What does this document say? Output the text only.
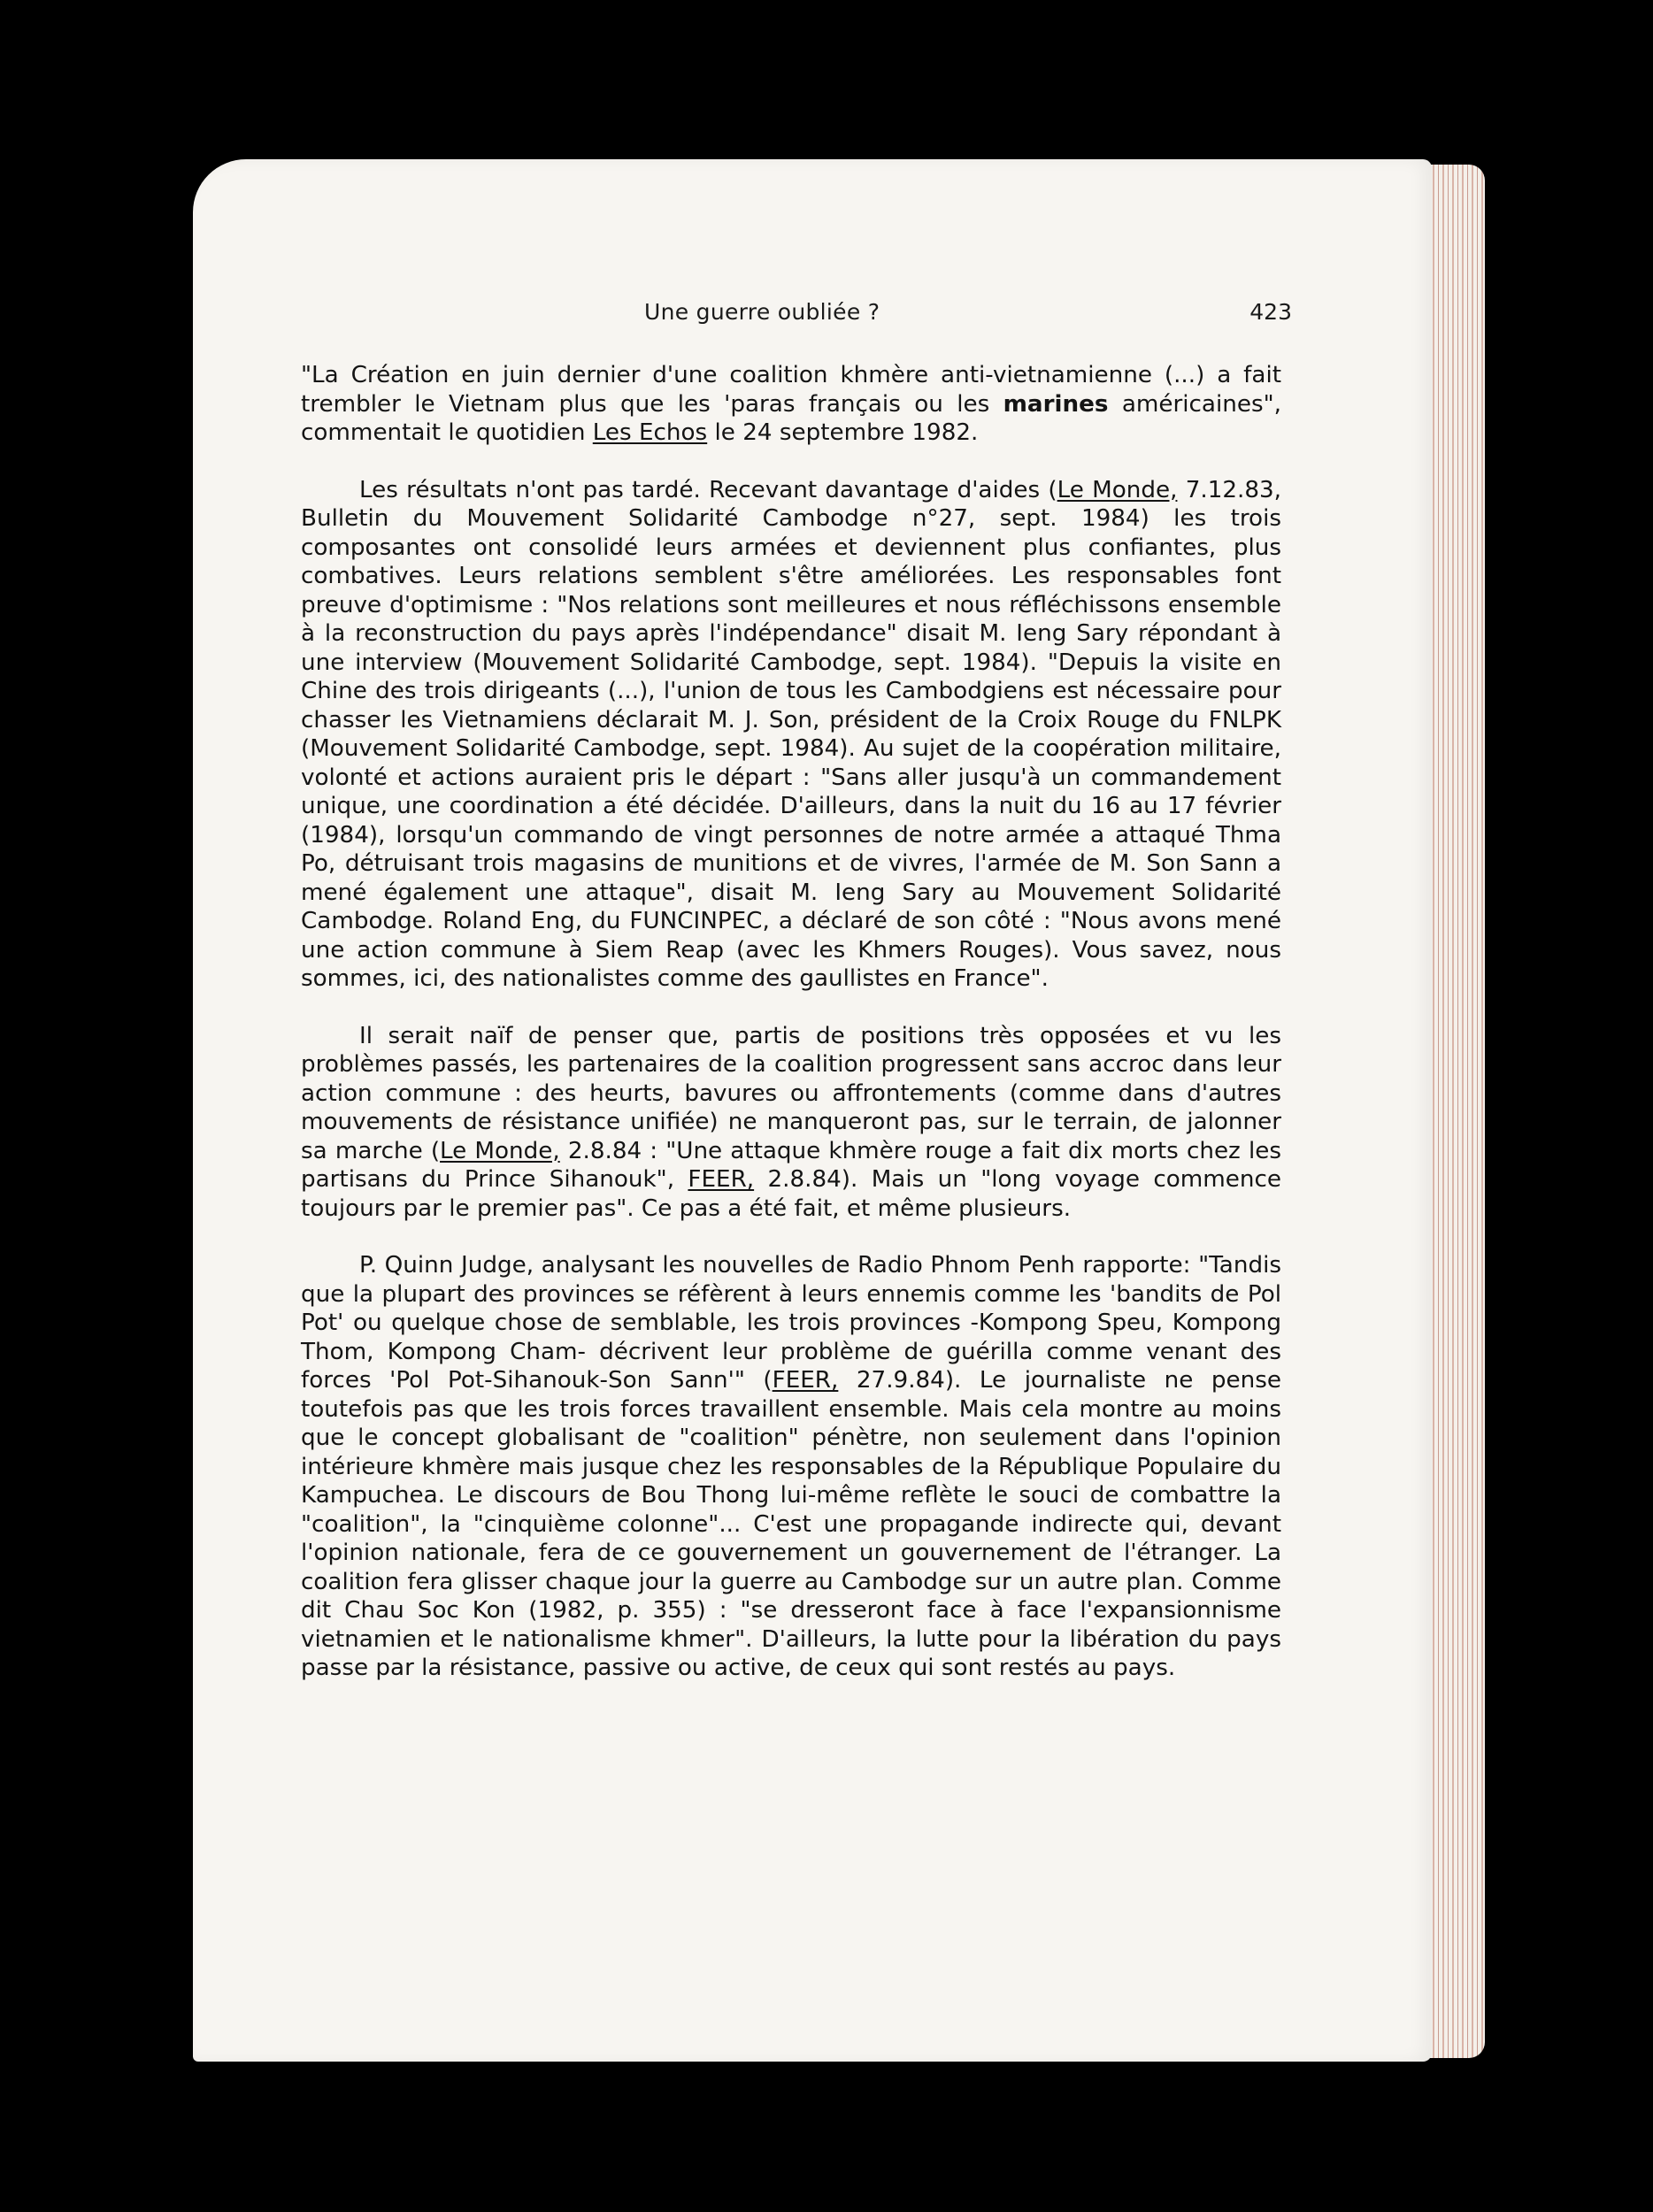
Une guerre oubliée ?	423

"La Création en juin dernier d'une coalition khmère anti-vietnamienne (...) a fait trembler le Vietnam plus que les 'paras français ou les marines américaines", commentait le quotidien Les Echos le 24 septembre 1982.

Les résultats n'ont pas tardé. Recevant davantage d'aides (Le Monde, 7.12.83, Bulletin du Mouvement Solidarité Cambodge n°27, sept. 1984) les trois composantes ont consolidé leurs armées et deviennent plus confiantes, plus combatives. Leurs relations semblent s'être améliorées. Les responsables font preuve d'optimisme : "Nos relations sont meilleures et nous réfléchissons ensemble à la reconstruction du pays après l'indépendance" disait M. Ieng Sary répondant à une interview (Mouvement Solidarité Cambodge, sept. 1984). "Depuis la visite en Chine des trois dirigeants (...), l'union de tous les Cambodgiens est nécessaire pour chasser les Vietnamiens déclarait M. J. Son, président de la Croix Rouge du FNLPK (Mouvement Solidarité Cambodge, sept. 1984). Au sujet de la coopération militaire, volonté et actions auraient pris le départ : "Sans aller jusqu'à un commandement unique, une coordination a été décidée. D'ailleurs, dans la nuit du 16 au 17 février (1984), lorsqu'un commando de vingt personnes de notre armée a attaqué Thma Po, détruisant trois magasins de munitions et de vivres, l'armée de M. Son Sann a mené également une attaque", disait M. Ieng Sary au Mouvement Solidarité Cambodge. Roland Eng, du FUNCINPEC, a déclaré de son côté : "Nous avons mené une action commune à Siem Reap (avec les Khmers Rouges). Vous savez, nous sommes, ici, des nationalistes comme des gaullistes en France".

Il serait naïf de penser que, partis de positions très opposées et vu les problèmes passés, les partenaires de la coalition progressent sans accroc dans leur action commune : des heurts, bavures ou affrontements (comme dans d'autres mouvements de résistance unifiée) ne manqueront pas, sur le terrain, de jalonner sa marche (Le Monde, 2.8.84 : "Une attaque khmère rouge a fait dix morts chez les partisans du Prince Sihanouk", FEER, 2.8.84). Mais un "long voyage commence toujours par le premier pas". Ce pas a été fait, et même plusieurs.

P. Quinn Judge, analysant les nouvelles de Radio Phnom Penh rapporte: "Tandis que la plupart des provinces se réfèrent à leurs ennemis comme les 'bandits de Pol Pot' ou quelque chose de semblable, les trois provinces -Kompong Speu, Kompong Thom, Kompong Cham- décrivent leur problème de guérilla comme venant des forces 'Pol Pot-Sihanouk-Son Sann'" (FEER, 27.9.84). Le journaliste ne pense toutefois pas que les trois forces travaillent ensemble. Mais cela montre au moins que le concept globalisant de "coalition" pénètre, non seulement dans l'opinion intérieure khmère mais jusque chez les responsables de la République Populaire du Kampuchea. Le discours de Bou Thong lui-même reflète le souci de combattre la "coalition", la "cinquième colonne"... C'est une propagande indirecte qui, devant l'opinion nationale, fera de ce gouvernement un gouvernement de l'étranger. La coalition fera glisser chaque jour la guerre au Cambodge sur un autre plan. Comme dit Chau Soc Kon (1982, p. 355) : "se dresseront face à face l'expansionnisme vietnamien et le nationalisme khmer". D'ailleurs, la lutte pour la libération du pays passe par la résistance, passive ou active, de ceux qui sont restés au pays.
